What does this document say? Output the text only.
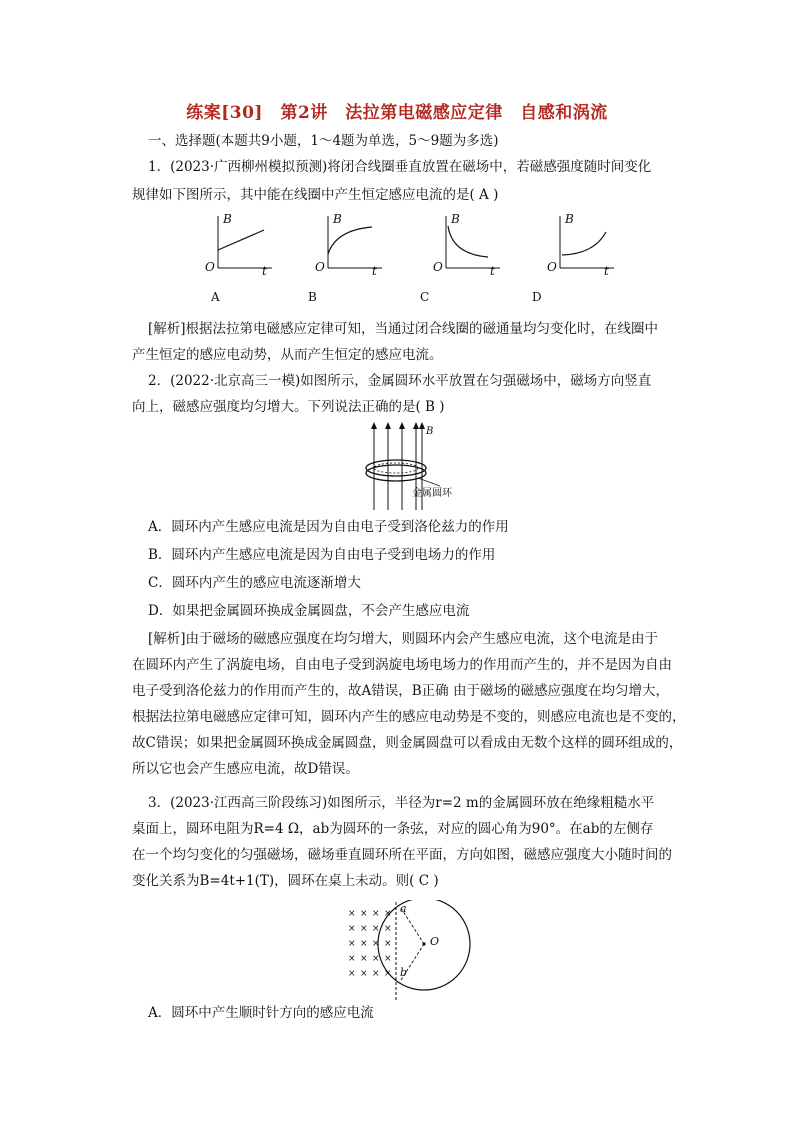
练案[30]　第2讲　法拉第电磁感应定律　自感和涡流
一、选择题(本题共9小题，1～4题为单选，5～9题为多选)
1．(2023·广西柳州模拟预测)将闭合线圈垂直放置在磁场中，若磁感强度随时间变化
规律如下图所示，其中能在线圈中产生恒定感应电流的是( A )
B
O	t
B
O	t
B
O	t
B
O	t
A	B	C	D
[解析]根据法拉第电磁感应定律可知，当通过闭合线圈的磁通量均匀变化时，在线圈中
产生恒定的感应电动势，从而产生恒定的感应电流。
2．(2022·北京高三一模)如图所示，金属圆环水平放置在匀强磁场中，磁场方向竖直
向上，磁感应强度均匀增大。下列说法正确的是( B )
B
金属圆环
A．圆环内产生感应电流是因为自由电子受到洛伦兹力的作用
B．圆环内产生感应电流是因为自由电子受到电场力的作用
C．圆环内产生的感应电流逐渐增大
D．如果把金属圆环换成金属圆盘，不会产生感应电流
[解析]由于磁场的磁感应强度在均匀增大，则圆环内会产生感应电流，这个电流是由于
在圆环内产生了涡旋电场，自由电子受到涡旋电场电场力的作用而产生的，并不是因为自由
电子受到洛伦兹力的作用而产生的，故A错误，B正确 由于磁场的磁感应强度在均匀增大，
根据法拉第电磁感应定律可知，圆环内产生的感应电动势是不变的，则感应电流也是不变的，
故C错误；如果把金属圆环换成金属圆盘，则金属圆盘可以看成由无数个这样的圆环组成的，
所以它也会产生感应电流，故D错误。
3．(2023·江西高三阶段练习)如图所示，半径为r=2 m的金属圆环放在绝缘粗糙水平
桌面上，圆环电阻为R=4 Ω，ab为圆环的一条弦，对应的圆心角为90°。在ab的左侧存
在一个均匀变化的匀强磁场，磁场垂直圆环所在平面，方向如图，磁感应强度大小随时间的
变化关系为B=4t+1(T)，圆环在桌上未动。则( C )
× × × ×
× × × ×
× × × ×
× × × ×
× × × ×
a
b
O
A．圆环中产生顺时针方向的感应电流
